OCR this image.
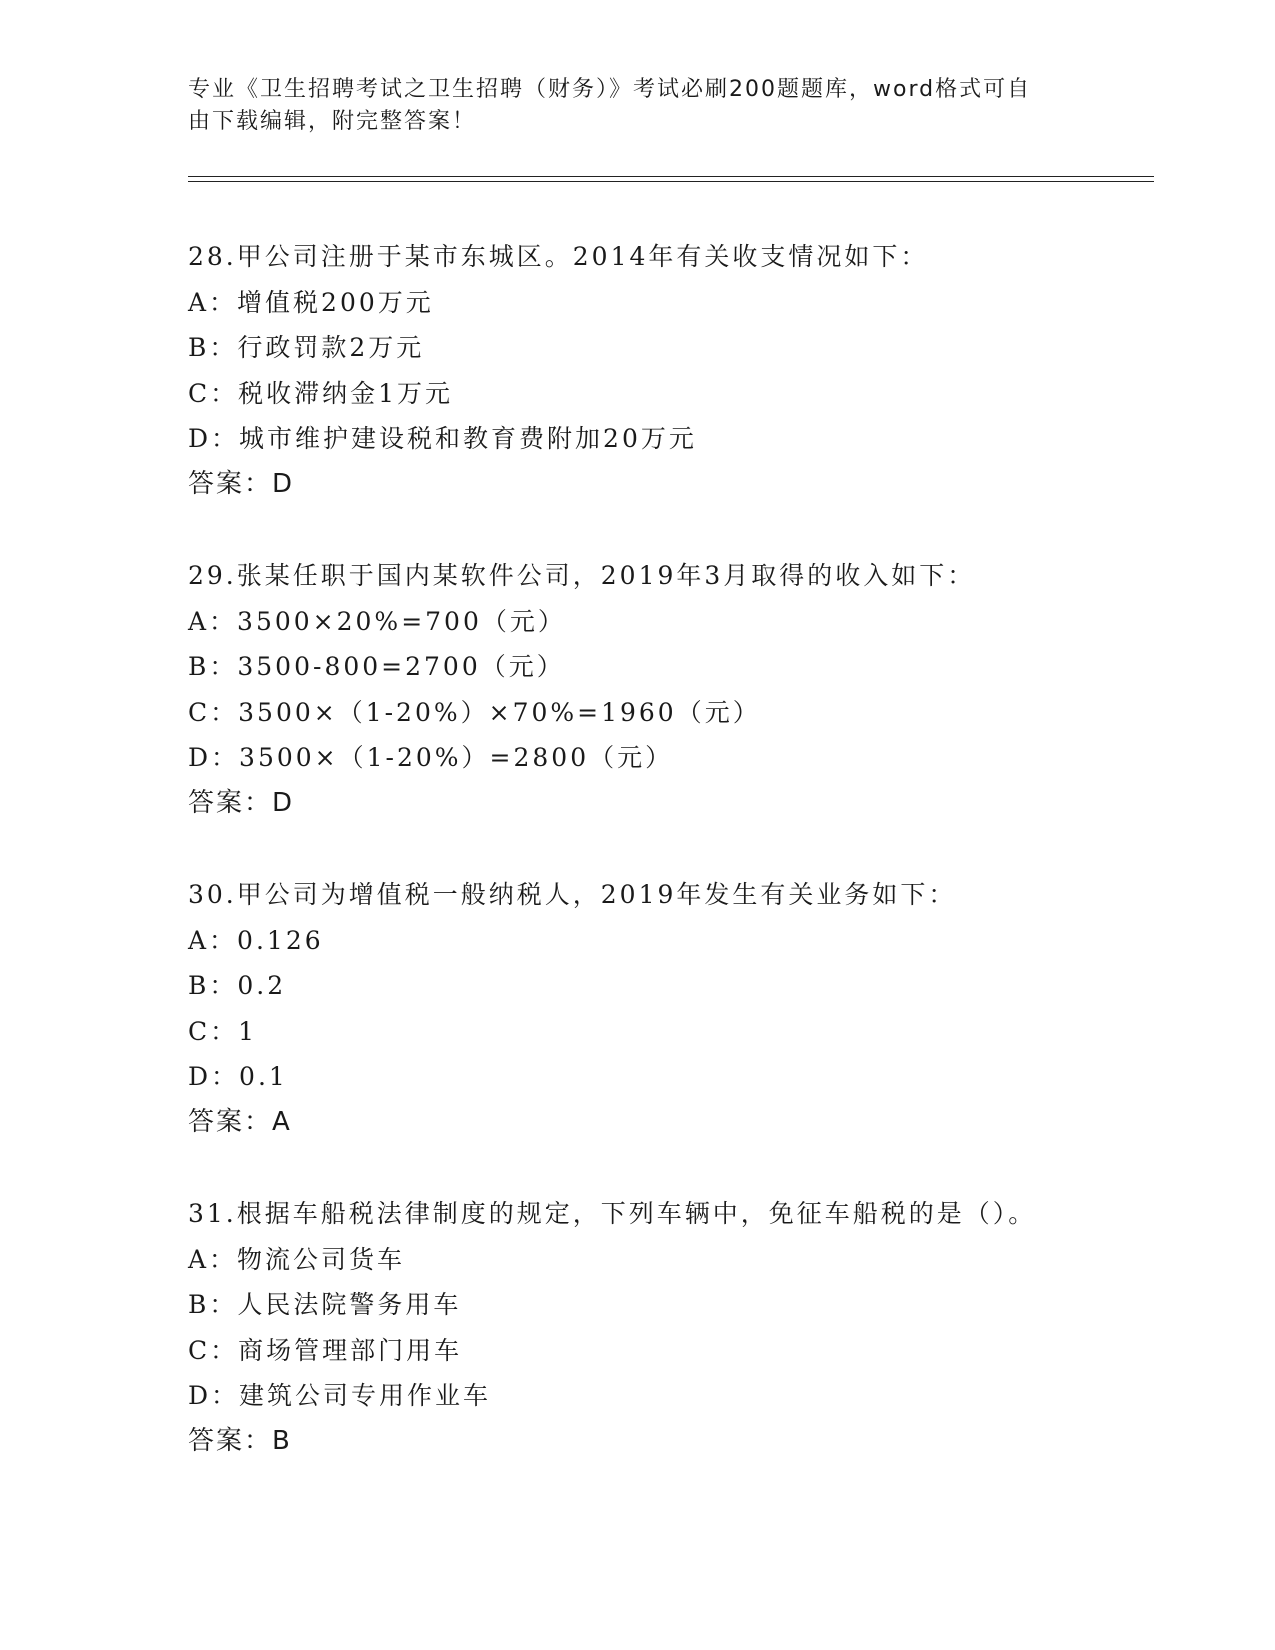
专业《卫生招聘考试之卫生招聘（财务）》考试必刷200题题库，word格式可自

由下载编辑，附完整答案！

28.甲公司注册于某市东城区。2014年有关收支情况如下：
A：增值税200万元
B：行政罚款2万元
C：税收滞纳金1万元
D：城市维护建设税和教育费附加20万元
答案：D
29.张某任职于国内某软件公司，2019年3月取得的收入如下：
A：3500×20%=700（元）
B：3500-800=2700（元）
C：3500×（1-20%）×70%=1960（元）
D：3500×（1-20%）=2800（元）
答案：D
30.甲公司为增值税一般纳税人，2019年发生有关业务如下：
A：0.126
B：0.2
C：1
D：0.1
答案：A
31.根据车船税法律制度的规定，下列车辆中，免征车船税的是（）。
A：物流公司货车
B：人民法院警务用车
C：商场管理部门用车
D：建筑公司专用作业车
答案：B
